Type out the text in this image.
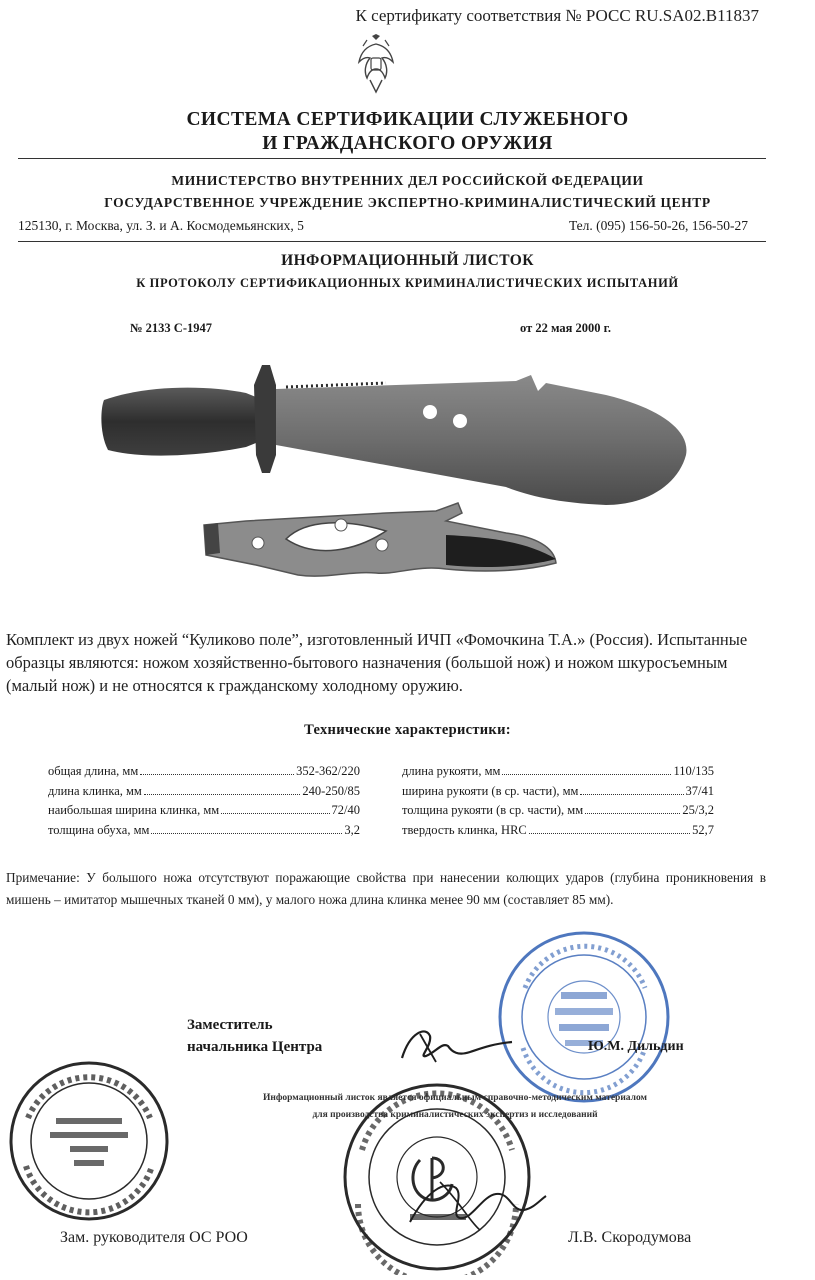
К сертификату соответствия № РОСС RU.SA02.B11837
СИСТЕМА СЕРТИФИКАЦИИ СЛУЖЕБНОГО
И ГРАЖДАНСКОГО ОРУЖИЯ
МИНИСТЕРСТВО ВНУТРЕННИХ ДЕЛ РОССИЙСКОЙ ФЕДЕРАЦИИ
ГОСУДАРСТВЕННОЕ УЧРЕЖДЕНИЕ ЭКСПЕРТНО-КРИМИНАЛИСТИЧЕСКИЙ ЦЕНТР
125130, г. Москва, ул. З. и А. Космодемьянских, 5	Тел. (095) 156-50-26, 156-50-27
ИНФОРМАЦИОННЫЙ ЛИСТОК
К ПРОТОКОЛУ СЕРТИФИКАЦИОННЫХ КРИМИНАЛИСТИЧЕСКИХ ИСПЫТАНИЙ
№ 2133 С-1947	от 22 мая 2000 г.
Комплект из двух ножей “Куликово поле”, изготовленный ИЧП «Фомочкина Т.А.» (Россия). Испытанные образцы являются: ножом хозяйственно-бытового назначения (большой нож) и ножом шкуросъемным (малый нож) и не относятся к гражданскому холодному оружию.
Технические характеристики:
общая длина, мм	352-362/220
длина клинка, мм	240-250/85
наибольшая ширина клинка, мм	72/40
толщина обуха, мм	3,2
длина рукояти, мм	110/135
ширина рукояти (в ср. части), мм	37/41
толщина рукояти (в ср. части), мм	25/3,2
твердость клинка, HRC	52,7
Примечание: У большого ножа отсутствуют поражающие свойства при нанесении колющих ударов (глубина проникновения в мишень – имитатор мышечных тканей 0 мм), у малого ножа длина клинка менее 90 мм (составляет 85 мм).
Заместитель
начальника Центра	Ю.М. Дильдин
Информационный листок является официальным справочно-методическим материалом
для производства криминалистических экспертиз и исследований
Зам. руководителя ОС РОО	Л.В. Скородумова
